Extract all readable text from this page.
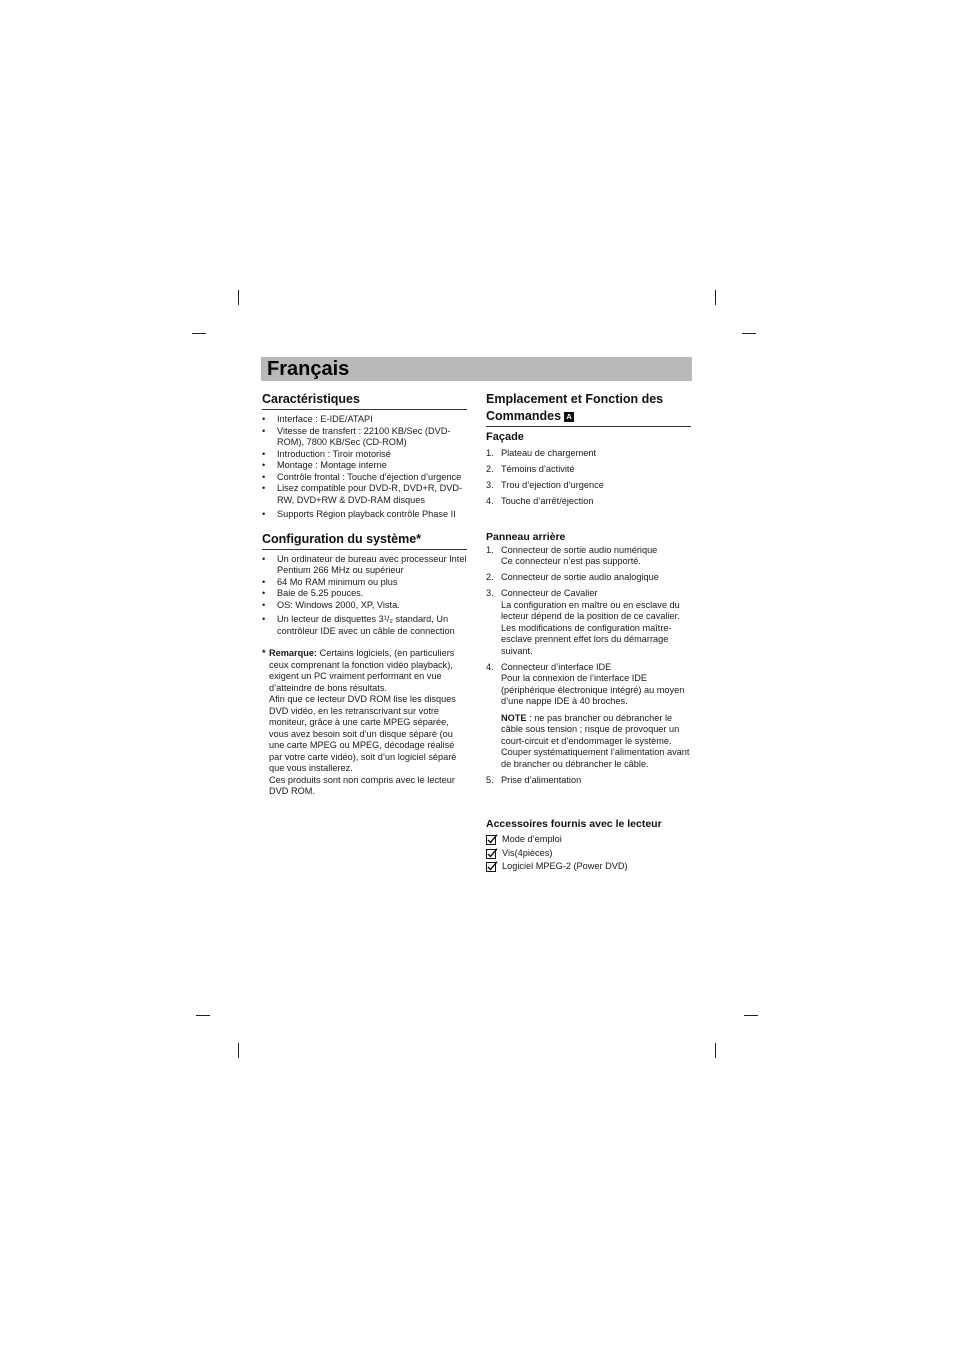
Français
Caractéristiques
• Interface : E-IDE/ATAPI
• Vitesse de transfert : 22100 KB/Sec (DVD-ROM), 7800 KB/Sec (CD-ROM)
• Introduction : Tiroir motorisé
• Montage : Montage interne
• Contrôle frontal : Touche d’éjection d’urgence
• Lisez compatible pour DVD-R, DVD+R, DVD-RW, DVD+RW & DVD-RAM disques
• Supports Région playback contrôle Phase II
Configuration du système*
• Un ordinateur de bureau avec processeur Intel Pentium 266 MHz ou supérieur
• 64 Mo RAM minimum ou plus
• Baie de 5.25 pouces.
• OS: Windows 2000, XP, Vista.
• Un lecteur de disquettes 3¹/₂ standard, Un contrôleur IDE avec un câble de connection
* Remarque: Certains logiciels, (en particuliers ceux comprenant la fonction vidéo playback), exigent un PC vraiment performant en vue d’atteindre de bons résultats.
Afin que ce lecteur DVD ROM lise les disques DVD vidéo, en les retranscrivant sur votre moniteur, grâce à une carte MPEG séparée, vous avez besoin soit d’un disque séparé (ou une carte MPEG ou MPEG, décodage réalisé par votre carte vidéo), soit d’un logiciel séparé que vous installerez.
Ces produits sont non compris avec le lecteur DVD ROM.
Emplacement et Fonction des
Commandes A
Façade
1. Plateau de chargement
2. Témoins d’activité
3. Trou d’ejection d’urgence
4. Touche d’arrêt/éjection
Panneau arrière
1. Connecteur de sortie audio numérique
Ce connecteur n’est pas supporté.
2. Connecteur de sortie audio analogique
3. Connecteur de Cavalier
La configuration en maître ou en esclave du lecteur dépend de la position de ce cavalier. Les modifications de configuration maître-esclave prennent effet lors du démarrage suivant.
4. Connecteur d’interface IDE
Pour la connexion de l’interface IDE (périphérique électronique intégré) au moyen d’une nappe IDE à 40 broches.
NOTE : ne pas brancher ou débrancher le câble sous tension ; risque de provoquer un court-circuit et d’endommager le système. Couper systématiquement l’alimentation avant de brancher ou débrancher le câble.
5. Prise d’alimentation
Accessoires fournis avec le lecteur
Mode d’emploi
Vis(4pièces)
Logiciel MPEG-2 (Power DVD)
